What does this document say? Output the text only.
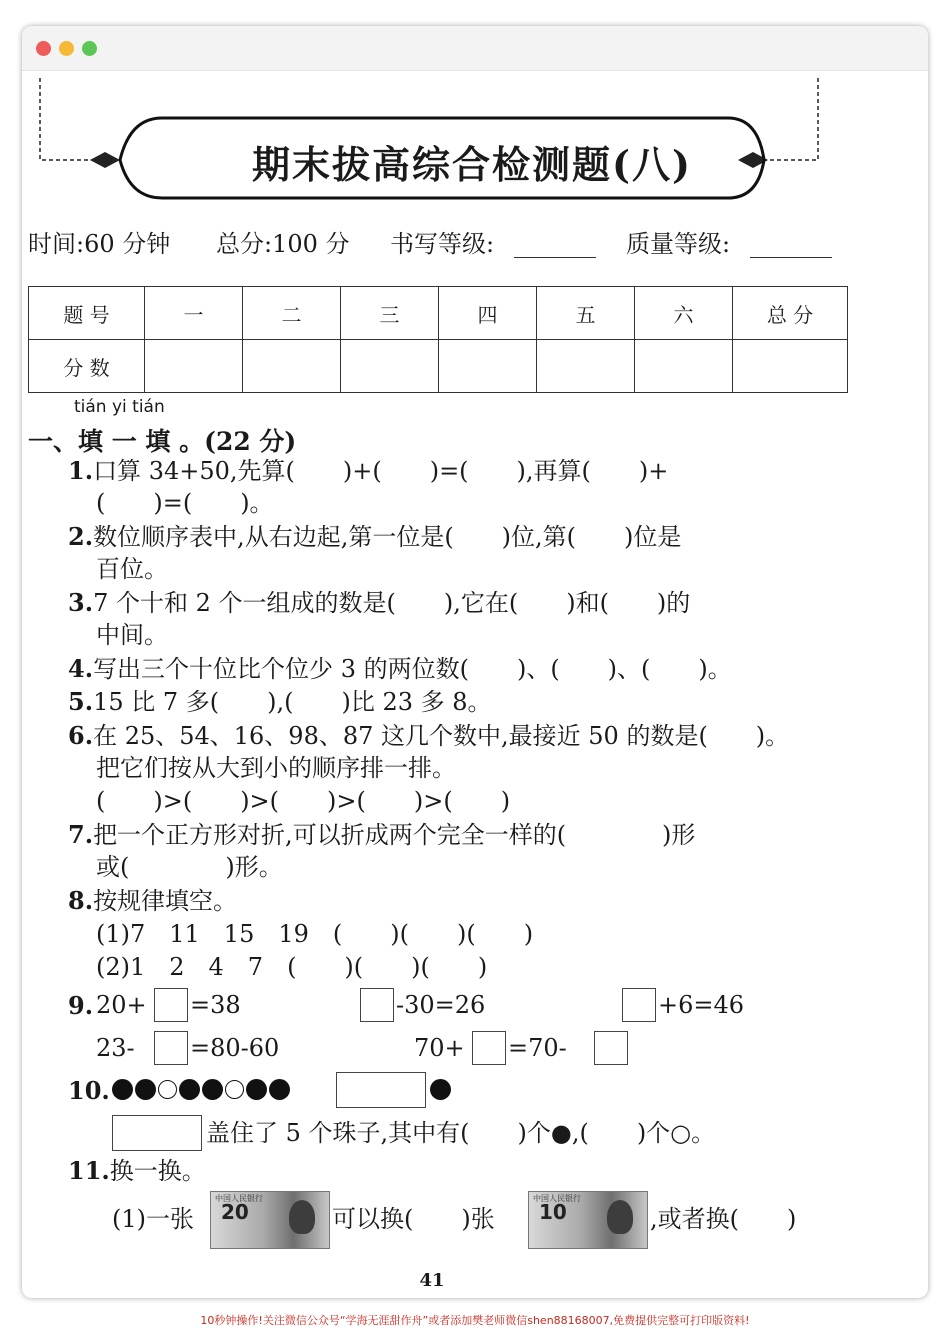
期末拔高综合检测题(八)
时间:60 分钟 总分:100 分 书写等级:	质量等级:
题 号	一	二	三	四	五	六	总 分
分 数							
tián yi tián
一、填 一 填 。(22 分)
1.口算 34+50,先算(　　)+(　　)=(　　),再算(　　)+
(　　)=(　　)。
2.数位顺序表中,从右边起,第一位是(　　)位,第(　　)位是
百位。
3.7 个十和 2 个一组成的数是(　　),它在(　　)和(　　)的
中间。
4.写出三个十位比个位少 3 的两位数(　　)、(　　)、(　　)。
5.15 比 7 多(　　),(　　)比 23 多 8。
6.在 25、54、16、98、87 这几个数中,最接近 50 的数是(　　)。
把它们按从大到小的顺序排一排。
(　　)>(　　)>(　　)>(　　)>(　　)
7.把一个正方形对折,可以折成两个完全一样的(　　　　)形
或(　　　　)形。
8.按规律填空。
(1)7　11　15　19　(　　)(　　)(　　)
(2)1　2　4　7　(　　)(　　)(　　)
9. 20+ =38	-30=26	+6=46
23- =80-60	70+ =70-
10.
盖住了 5 个珠子,其中有(　　)个●,(　　)个○。
11.换一换。
(1)一张
中国人民银行
20	可以换(　　)张
中国人民银行
10	,或者换(　　)
41
10秒钟操作!关注微信公众号“学海无涯甜作舟”或者添加樊老师微信shen88168007,免费提供完整可打印版资料!
